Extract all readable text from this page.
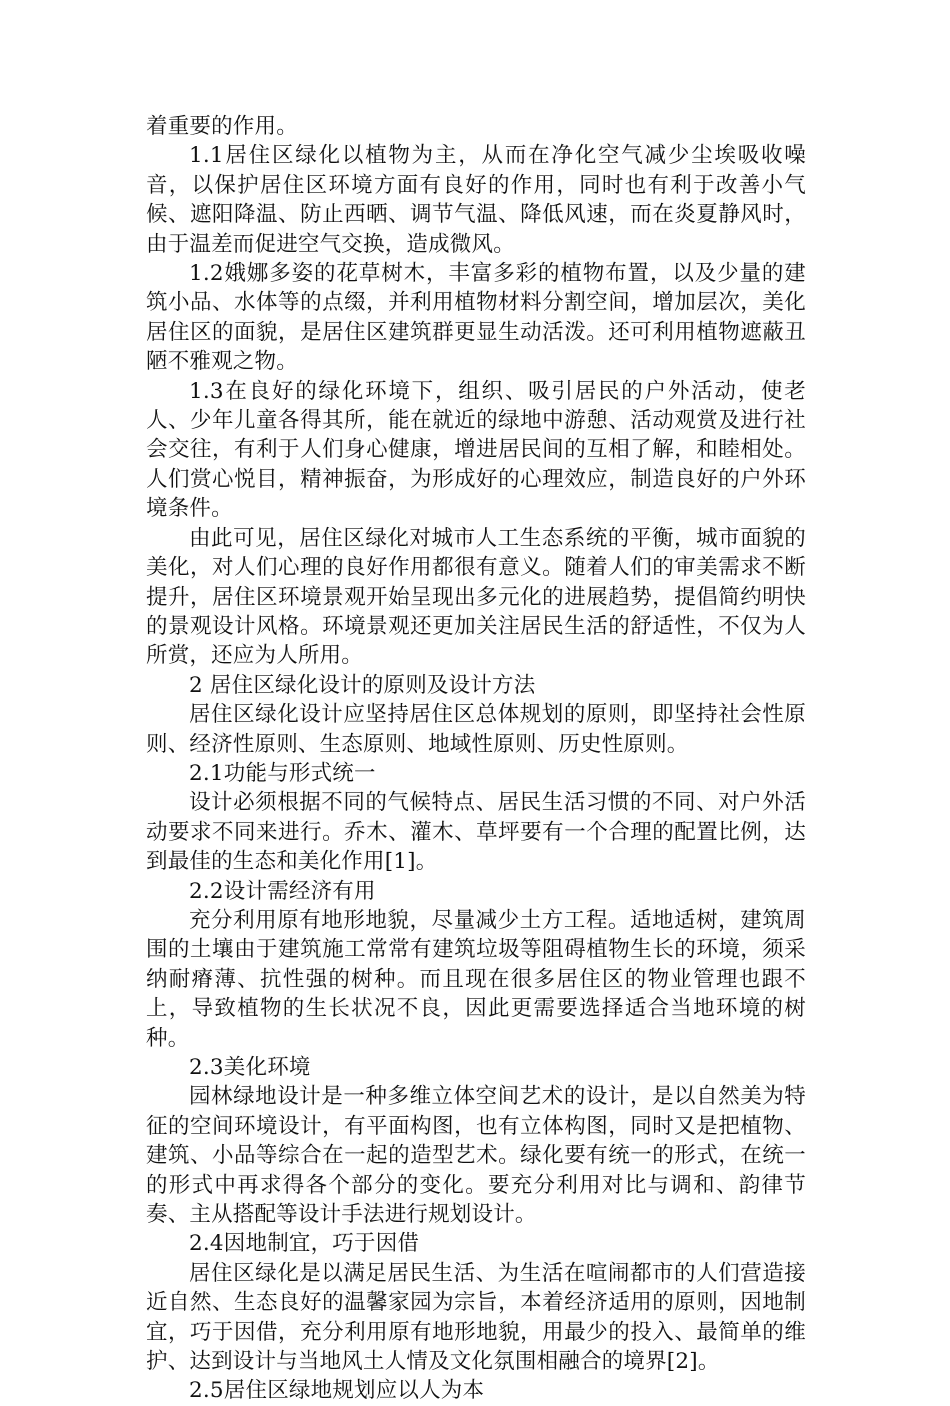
着重要的作用。

1.1居住区绿化以植物为主，从而在净化空气减少尘埃吸收噪音，以保护居住区环境方面有良好的作用，同时也有利于改善小气候、遮阳降温、防止西晒、调节气温、降低风速，而在炎夏静风时，由于温差而促进空气交换，造成微风。

1.2娥娜多姿的花草树木，丰富多彩的植物布置，以及少量的建筑小品、水体等的点缀，并利用植物材料分割空间，增加层次，美化居住区的面貌，是居住区建筑群更显生动活泼。还可利用植物遮蔽丑陋不雅观之物。

1.3在良好的绿化环境下，组织、吸引居民的户外活动，使老人、少年儿童各得其所，能在就近的绿地中游憩、活动观赏及进行社会交往，有利于人们身心健康，增进居民间的互相了解，和睦相处。人们赏心悦目，精神振奋，为形成好的心理效应，制造良好的户外环境条件。

由此可见，居住区绿化对城市人工生态系统的平衡，城市面貌的美化，对人们心理的良好作用都很有意义。随着人们的审美需求不断提升，居住区环境景观开始呈现出多元化的进展趋势，提倡简约明快的景观设计风格。环境景观还更加关注居民生活的舒适性，不仅为人所赏，还应为人所用。

2 居住区绿化设计的原则及设计方法

居住区绿化设计应坚持居住区总体规划的原则，即坚持社会性原则、经济性原则、生态原则、地域性原则、历史性原则。

2.1功能与形式统一

设计必须根据不同的气候特点、居民生活习惯的不同、对户外活动要求不同来进行。乔木、灌木、草坪要有一个合理的配置比例，达到最佳的生态和美化作用[1]。

2.2设计需经济有用

充分利用原有地形地貌，尽量减少土方工程。适地适树，建筑周围的土壤由于建筑施工常常有建筑垃圾等阻碍植物生长的环境，须采纳耐瘠薄、抗性强的树种。而且现在很多居住区的物业管理也跟不上，导致植物的生长状况不良，因此更需要选择适合当地环境的树种。

2.3美化环境

园林绿地设计是一种多维立体空间艺术的设计，是以自然美为特征的空间环境设计，有平面构图，也有立体构图，同时又是把植物、建筑、小品等综合在一起的造型艺术。绿化要有统一的形式，在统一的形式中再求得各个部分的变化。要充分利用对比与调和、韵律节奏、主从搭配等设计手法进行规划设计。

2.4因地制宜，巧于因借

居住区绿化是以满足居民生活、为生活在喧闹都市的人们营造接近自然、生态良好的温馨家园为宗旨，本着经济适用的原则，因地制宜，巧于因借，充分利用原有地形地貌，用最少的投入、最简单的维护、达到设计与当地风土人情及文化氛围相融合的境界[2]。

2.5居住区绿地规划应以人为本
